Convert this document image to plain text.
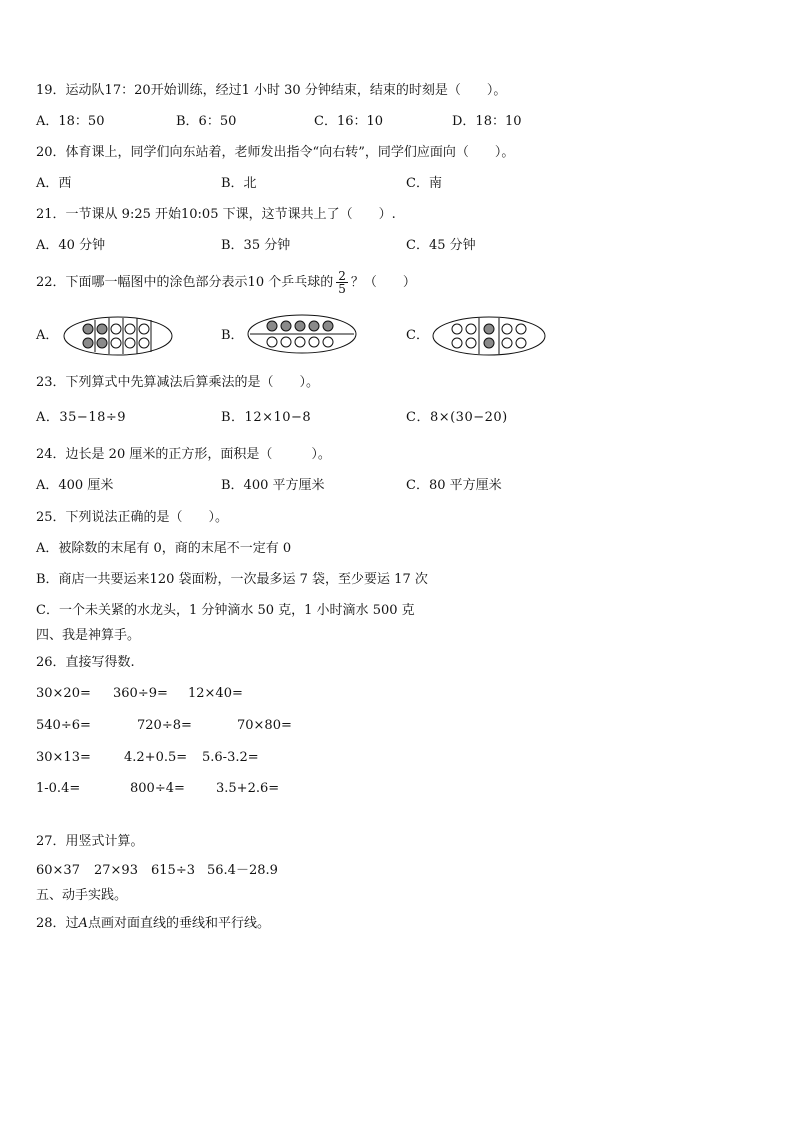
19．运动队17：20开始训练，经过1 小时 30 分钟结束，结束的时刻是（　　）。
A．18：50	B．6：50	C．16：10	D．18：10
20．体育课上，同学们向东站着，老师发出指令“向右转”，同学们应面向（　　）。
A．西	B．北	C．南
21．一节课从 9:25 开始10:05 下课，这节课共上了（　　）.
A．40 分钟	B．35 分钟	C．45 分钟
22．下面哪一幅图中的涂色部分表示10 个乒乓球的 $\frac{2}{5}$ ？（　　）
A．	B．	C．
23．下列算式中先算减法后算乘法的是（　　）。
A．35−18÷9	B．12×10−8	C．8×(30−20)
24．边长是 20 厘米的正方形，面积是（　　　）。
A．400 厘米	B．400 平方厘米	C．80 平方厘米
25．下列说法正确的是（　　）。
A．被除数的末尾有 0，商的末尾不一定有 0
B．商店一共要运来120 袋面粉，一次最多运 7 袋，至少要运 17 次
C．一个未关紧的水龙头，1 分钟滴水 50 克，1 小时滴水 500 克
四、我是神算手。
26．直接写得数.
30×20= 360÷9= 12×40=
540÷6=	720÷8=	70×80=
30×13=	4.2+0.5= 5.6-3.2=
1-0.4=	800÷4= 3.5+2.6=
27．用竖式计算。
60×37 27×93 615÷3 56.4－28.9
五、动手实践。
28．过A点画对面直线的垂线和平行线。
